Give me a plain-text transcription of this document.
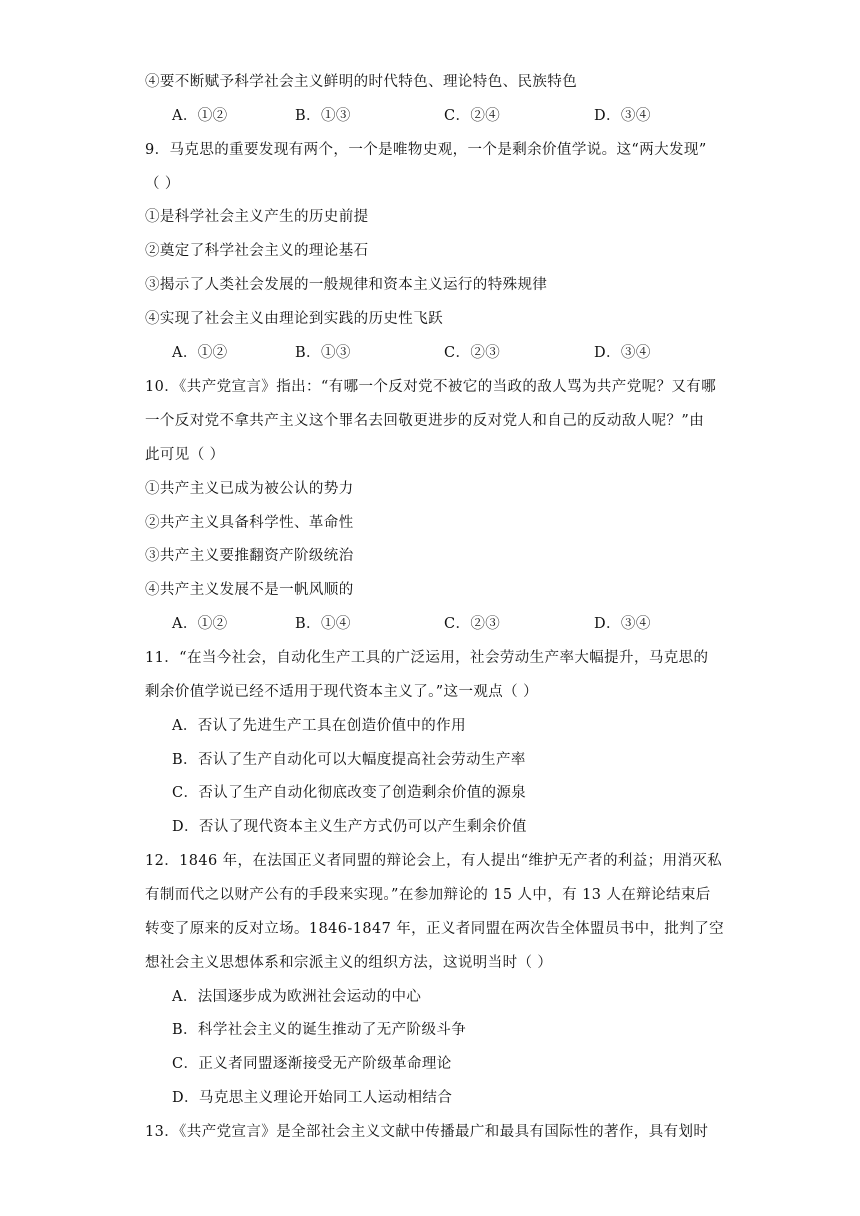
④要不断赋予科学社会主义鲜明的时代特色、理论特色、民族特色
A．①②	B．①③	C．②④	D．③④
9．马克思的重要发现有两个，一个是唯物史观，一个是剩余价值学说。这“两大发现”
（ ）
①是科学社会主义产生的历史前提
②奠定了科学社会主义的理论基石
③揭示了人类社会发展的一般规律和资本主义运行的特殊规律
④实现了社会主义由理论到实践的历史性飞跃
A．①②	B．①③	C．②③	D．③④
10．《共产党宣言》指出：“有哪一个反对党不被它的当政的敌人骂为共产党呢？又有哪
一个反对党不拿共产主义这个罪名去回敬更进步的反对党人和自己的反动敌人呢？”由
此可见（ ）
①共产主义已成为被公认的势力
②共产主义具备科学性、革命性
③共产主义要推翻资产阶级统治
④共产主义发展不是一帆风顺的
A．①②	B．①④	C．②③	D．③④
11．“在当今社会，自动化生产工具的广泛运用，社会劳动生产率大幅提升，马克思的
剩余价值学说已经不适用于现代资本主义了。”这一观点（ ）
A．否认了先进生产工具在创造价值中的作用
B．否认了生产自动化可以大幅度提高社会劳动生产率
C．否认了生产自动化彻底改变了创造剩余价值的源泉
D．否认了现代资本主义生产方式仍可以产生剩余价值
12．1846 年，在法国正义者同盟的辩论会上，有人提出“维护无产者的利益；用消灭私
有制而代之以财产公有的手段来实现。”在参加辩论的 15 人中，有 13 人在辩论结束后
转变了原来的反对立场。1846-1847 年，正义者同盟在两次告全体盟员书中，批判了空
想社会主义思想体系和宗派主义的组织方法，这说明当时（ ）
A．法国逐步成为欧洲社会运动的中心
B．科学社会主义的诞生推动了无产阶级斗争
C．正义者同盟逐渐接受无产阶级革命理论
D．马克思主义理论开始同工人运动相结合
13．《共产党宣言》是全部社会主义文献中传播最广和最具有国际性的著作，具有划时
